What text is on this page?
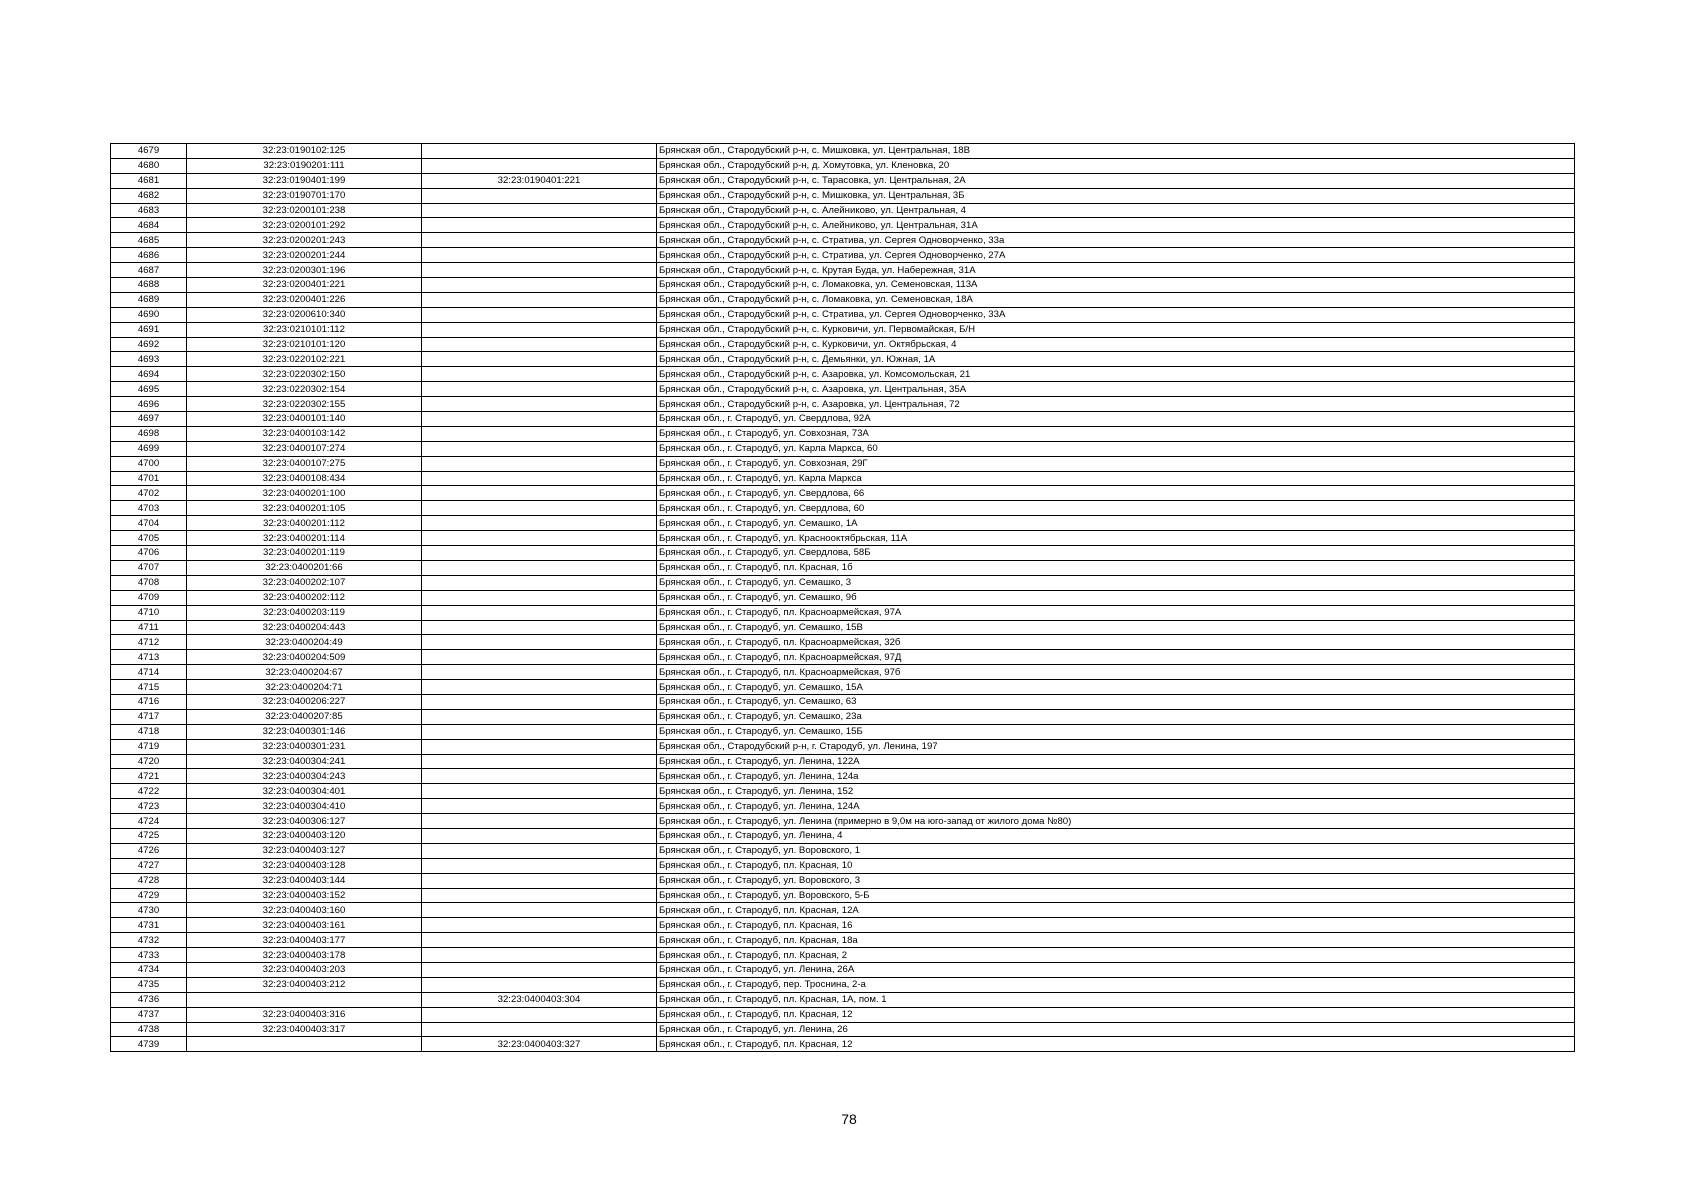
4679	32:23:0190102:125		Брянская обл., Стародубский р-н, с. Мишковка, ул. Центральная, 18В
4680	32:23:0190201:111		Брянская обл., Стародубский р-н, д. Хомутовка, ул. Кленовка, 20
4681	32:23:0190401:199	32:23:0190401:221	Брянская обл., Стародубский р-н, с. Тарасовка, ул. Центральная, 2А
4682	32:23:0190701:170		Брянская обл., Стародубский р-н, с. Мишковка, ул. Центральная, 3Б
4683	32:23:0200101:238		Брянская обл., Стародубский р-н, с. Алейниково, ул. Центральная, 4
4684	32:23:0200101:292		Брянская обл., Стародубский р-н, с. Алейниково, ул. Центральная, 31А
4685	32:23:0200201:243		Брянская обл., Стародубский р-н, с. Стратива, ул. Сергея Одноворченко, 33а
4686	32:23:0200201:244		Брянская обл., Стародубский р-н, с. Стратива, ул. Сергея Одноворченко, 27А
4687	32:23:0200301:196		Брянская обл., Стародубский р-н, с. Крутая Буда, ул. Набережная, 31А
4688	32:23:0200401:221		Брянская обл., Стародубский р-н, с. Ломаковка, ул. Семеновская, 113А
4689	32:23:0200401:226		Брянская обл., Стародубский р-н, с. Ломаковка, ул. Семеновская, 18А
4690	32:23:0200610:340		Брянская обл., Стародубский р-н, с. Стратива, ул. Сергея Одноворченко, 33А
4691	32:23:0210101:112		Брянская обл., Стародубский р-н, с. Курковичи, ул. Первомайская, Б/Н
4692	32:23:0210101:120		Брянская обл., Стародубский р-н, с. Курковичи, ул. Октябрьская, 4
4693	32:23:0220102:221		Брянская обл., Стародубский р-н, с. Демьянки, ул. Южная, 1А
4694	32:23:0220302:150		Брянская обл., Стародубский р-н, с. Азаровка, ул. Комсомольская, 21
4695	32:23:0220302:154		Брянская обл., Стародубский р-н, с. Азаровка, ул. Центральная, 35А
4696	32:23:0220302:155		Брянская обл., Стародубский р-н, с. Азаровка, ул. Центральная, 72
4697	32:23:0400101:140		Брянская обл., г. Стародуб, ул. Свердлова, 92А
4698	32:23:0400103:142		Брянская обл., г. Стародуб, ул. Совхозная, 73А
4699	32:23:0400107:274		Брянская обл., г. Стародуб, ул. Карла Маркса, 60
4700	32:23:0400107:275		Брянская обл., г. Стародуб, ул. Совхозная, 29Г
4701	32:23:0400108:434		Брянская обл., г. Стародуб, ул. Карла Маркса
4702	32:23:0400201:100		Брянская обл., г. Стародуб, ул. Свердлова, 66
4703	32:23:0400201:105		Брянская обл., г. Стародуб, ул. Свердлова, 60
4704	32:23:0400201:112		Брянская обл., г. Стародуб, ул. Семашко, 1А
4705	32:23:0400201:114		Брянская обл., г. Стародуб, ул. Краснооктябрьская, 11А
4706	32:23:0400201:119		Брянская обл., г. Стародуб, ул. Свердлова, 58Б
4707	32:23:0400201:66		Брянская обл., г. Стародуб, пл. Красная, 1б
4708	32:23:0400202:107		Брянская обл., г. Стародуб, ул. Семашко, 3
4709	32:23:0400202:112		Брянская обл., г. Стародуб, ул. Семашко, 9б
4710	32:23:0400203:119		Брянская обл., г. Стародуб, пл. Красноармейская, 97А
4711	32:23:0400204:443		Брянская обл., г. Стародуб, ул. Семашко, 15В
4712	32:23:0400204:49		Брянская обл., г. Стародуб, пл. Красноармейская, 32б
4713	32:23:0400204:509		Брянская обл., г. Стародуб, пл. Красноармейская, 97Д
4714	32:23:0400204:67		Брянская обл., г. Стародуб, пл. Красноармейская, 97б
4715	32:23:0400204:71		Брянская обл., г. Стародуб, ул. Семашко, 15А
4716	32:23:0400206:227		Брянская обл., г. Стародуб, ул. Семашко, 63
4717	32:23:0400207:85		Брянская обл., г. Стародуб, ул. Семашко, 23а
4718	32:23:0400301:146		Брянская обл., г. Стародуб, ул. Семашко, 15Б
4719	32:23:0400301:231		Брянская обл., Стародубский р-н, г. Стародуб, ул. Ленина, 197
4720	32:23:0400304:241		Брянская обл., г. Стародуб, ул. Ленина, 122А
4721	32:23:0400304:243		Брянская обл., г. Стародуб, ул. Ленина, 124а
4722	32:23:0400304:401		Брянская обл., г. Стародуб, ул. Ленина, 152
4723	32:23:0400304:410		Брянская обл., г. Стародуб, ул. Ленина, 124А
4724	32:23:0400306:127		Брянская обл., г. Стародуб, ул. Ленина (примерно в 9,0м на юго-запад от жилого дома №80)
4725	32:23:0400403:120		Брянская обл., г. Стародуб, ул. Ленина, 4
4726	32:23:0400403:127		Брянская обл., г. Стародуб, ул. Воровского, 1
4727	32:23:0400403:128		Брянская обл., г. Стародуб, пл. Красная, 10
4728	32:23:0400403:144		Брянская обл., г. Стародуб, ул. Воровского, 3
4729	32:23:0400403:152		Брянская обл., г. Стародуб, ул. Воровского, 5-Б
4730	32:23:0400403:160		Брянская обл., г. Стародуб, пл. Красная, 12А
4731	32:23:0400403:161		Брянская обл., г. Стародуб, пл. Красная, 16
4732	32:23:0400403:177		Брянская обл., г. Стародуб, пл. Красная, 18а
4733	32:23:0400403:178		Брянская обл., г. Стародуб, пл. Красная, 2
4734	32:23:0400403:203		Брянская обл., г. Стародуб, ул. Ленина, 26А
4735	32:23:0400403:212		Брянская обл., г. Стародуб, пер. Троснина, 2-а
4736		32:23:0400403:304	Брянская обл., г. Стародуб, пл. Красная, 1А, пом. 1
4737	32:23:0400403:316		Брянская обл., г. Стародуб, пл. Красная, 12
4738	32:23:0400403:317		Брянская обл., г. Стародуб, ул. Ленина, 26
4739		32:23:0400403:327	Брянская обл., г. Стародуб, пл. Красная, 12
78
